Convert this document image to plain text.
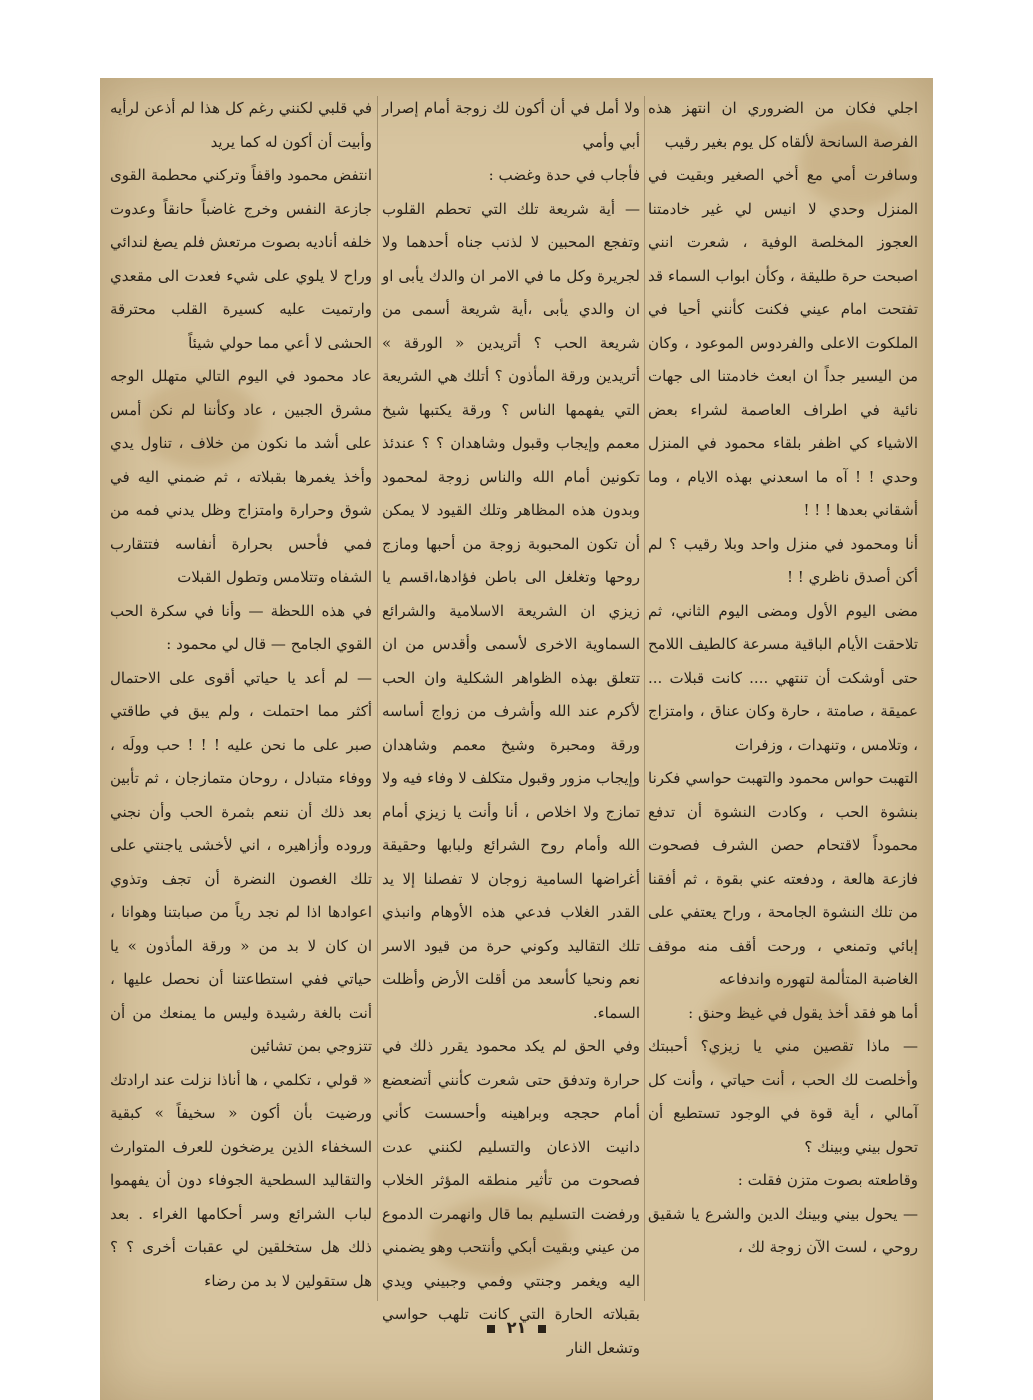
اجلي فكان من الضروري ان انتهز هذه الفرصة السانحة لألقاه كل يوم بغير رقيب

وسافرت أمي مع أخي الصغير وبقيت في المنزل وحدي لا انيس لي غير خادمتنا العجوز المخلصة الوفية ، شعرت انني اصبحت حرة طليقة ، وكأن ابواب السماء قد تفتحت امام عيني فكنت كأنني أحيا في الملكوت الاعلى والفردوس الموعود ، وكان من اليسير جداً ان ابعث خادمتنا الى جهات نائية في اطراف العاصمة لشراء بعض الاشياء كي اظفر بلقاء محمود في المنزل وحدي ! ! آه ما اسعدني بهذه الايام ، وما أشقاني بعدها ! ! !

أنا ومحمود في منزل واحد وبلا رقيب ؟ لم أكن أصدق ناظري ! !

مضى اليوم الأول ومضى اليوم الثاني، ثم تلاحقت الأيام الباقية مسرعة كالطيف اللامح حتى أوشكت أن تنتهي .... كانت قبلات ... عميقة ، صامتة ، حارة وكان عناق ، وامتزاج ، وتلامس ، وتنهدات ، وزفرات

التهبت حواس محمود والتهبت حواسي فكرنا بنشوة الحب ، وكادت النشوة أن تدفع محموداً لاقتحام حصن الشرف فصحوت فازعة هالعة ، ودفعته عني بقوة ، ثم أفقنا من تلك النشوة الجامحة ، وراح يعتفي على إبائي وتمنعي ، ورحت أقف منه موقف الغاضبة المتألمة لتهوره واندفاعه

أما هو فقد أخذ يقول في غيظ وحنق :

— ماذا تقصين مني يا زيزي؟ أحببتك وأخلصت لك الحب ، أنت حياتي ، وأنت كل آمالي ، أية قوة في الوجود تستطيع أن تحول بيني وبينك ؟

وقاطعته بصوت متزن فقلت :

— يحول بيني وبينك الدين والشرع يا شقيق روحي ، لست الآن زوجة لك ،

ولا أمل في أن أكون لك زوجة أمام إصرار أبي وأمي

فأجاب في حدة وغضب :

— أية شريعة تلك التي تحطم القلوب وتفجع المحبين لا لذنب جناه أحدهما ولا لجريرة وكل ما في الامر ان والدك يأبى او ان والدي يأبى ،أية شريعة أسمى من شريعة الحب ؟ أتريدين « الورقة » أتريدين ورقة المأذون ؟ أتلك هي الشريعة التي يفهمها الناس ؟ ورقة يكتبها شيخ معمم وإيجاب وقبول وشاهدان ؟ ؟ عندئذ تكونين أمام الله والناس زوجة لمحمود وبدون هذه المظاهر وتلك القيود لا يمكن أن تكون المحبوبة زوجة من أحبها ومازج روحها وتغلغل الى باطن فؤادها،اقسم يا زيزي ان الشريعة الاسلامية والشرائع السماوية الاخرى لأسمى وأقدس من ان تتعلق بهذه الظواهر الشكلية وان الحب لأكرم عند الله وأشرف من زواج أساسه ورقة ومحبرة وشيخ معمم وشاهدان وإيجاب مزور وقبول متكلف لا وفاء فيه ولا تمازج ولا اخلاص ، أنا وأنت يا زيزي أمام الله وأمام روح الشرائع ولبابها وحقيقة أغراضها السامية زوجان لا تفصلنا إلا يد القدر الغلاب فدعي هذه الأوهام وانبذي تلك التقاليد وكوني حرة من قيود الاسر نعم ونحيا كأسعد من أقلت الأرض وأظلت السماء.

وفي الحق لم يكد محمود يقرر ذلك في حرارة وتدفق حتى شعرت كأنني أتضعضع أمام حججه وبراهينه وأحسست كأني دانيت الاذعان والتسليم لكنني عدت فصحوت من تأثير منطقه المؤثر الخلاب ورفضت التسليم بما قال وانهمرت الدموع من عيني وبقيت أبكي وأنتحب وهو يضمني اليه ويغمر وجنتي وفمي وجبيني ويدي بقبلاته الحارة التي كانت تلهب حواسي وتشعل النار

في قلبي لكنني رغم كل هذا لم أذعن لرأيه وأبيت أن أكون له كما يريد

انتفض محمود واقفاً وتركني محطمة القوى جازعة النفس وخرج غاضباً حانقاً وعدوت خلفه أناديه بصوت مرتعش فلم يصغ لندائي وراح لا يلوي على شيء فعدت الى مقعدي وارتميت عليه كسيرة القلب محترقة الحشى لا أعي مما حولي شيئاً

عاد محمود في اليوم التالي متهلل الوجه مشرق الجبين ، عاد وكأننا لم نكن أمس على أشد ما نكون من خلاف ، تناول يدي وأخذ يغمرها بقبلاته ، ثم ضمني اليه في شوق وحرارة وامتزاج وظل يدني فمه من فمي فأحس بحرارة أنفاسه فتتقارب الشفاه وتتلامس وتطول القبلات

في هذه اللحظة — وأنا في سكرة الحب القوي الجامح — قال لي محمود :

— لم أعد يا حياتي أقوى على الاحتمال أكثر مما احتملت ، ولم يبق في طاقتي صبر على ما نحن عليه ! ! ! حب وولَه ، ووفاء متبادل ، روحان متمازجان ، ثم تأبين بعد ذلك أن ننعم بثمرة الحب وأن نجني وروده وأزاهيره ، اني لأخشى ياجنتي على تلك الغصون النضرة أن تجف وتذوي اعوادها اذا لم نجد رياً من صبابتنا وهوانا ، ان كان لا بد من « ورقة المأذون » يا حياتي ففي استطاعتنا أن نحصل عليها ، أنت بالغة رشيدة وليس ما يمنعك من أن تتزوجي بمن تشائين

« قولي ، تكلمي ، ها أناذا نزلت عند ارادتك ورضيت بأن أكون « سخيفاً » كبقية السخفاء الذين يرضخون للعرف المتوارث والتقاليد السطحية الجوفاء دون أن يفهموا لباب الشرائع وسر أحكامها الغراء . بعد ذلك هل ستخلقين لي عقبات أخرى ؟ ؟ هل ستقولين لا بد من رضاء

٢١
